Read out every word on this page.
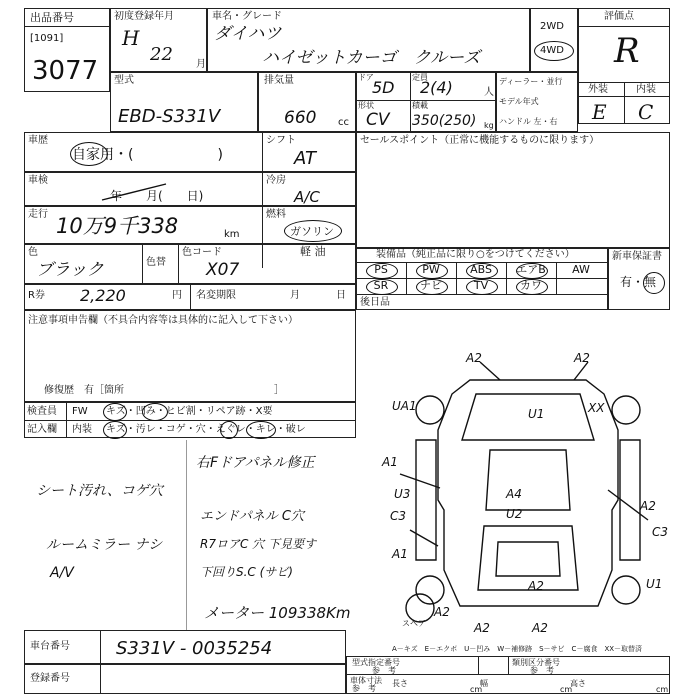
出品番号
[1091]
3077
初度登録年月
H
22 月
車名・グレード
ダイハツ
ハイゼットカーゴ　クルーズ
2WD
4WD
評価点
R
外装	内装
E C
型式
EBD-S331V
排気量
660 cc
ドア	定員
5D 2(4)	人
形状	積載
CV 350(250) kg
ディーラー・並行
モデル年式
ハンドル 左・右
車歴
自家用・(　　　　　　)
シフト
AT
セールスポイント（正常に機能するものに限ります）
車検
年　　月(　　日)
冷房
A/C
走行 10万9千338	km
燃料
ガソリン
軽 油
色
ブラック	色替
色コード
X07
R券 2,220	円 名変期限	月	日
装備品（純正品に限り○をつけてください）
PS	PW	ABS	エアB	AW
SR	ナビ	TV	カワ
後日品
新車保証書
有・無
注意事項申告欄（不具合内容等は具体的に記入して下さい）
修復歴　有［箇所　　　　　　　　　　　　　　　］
検査員
記入欄
FW キズ・凹み・ヒビ割・リペア跡・X要
内装 キズ・汚レ・コゲ・穴・えぐレ・キレ・破レ
右Fドアパネル修正
シート汚れ、コゲ穴
エンドパネル C穴
ルームミラー ナシ	R7ロアC 穴 下見要す
下回りS.C (サビ)
A/V
メーター 109338Km
A2	A2
UA1
U1	XX
A1
U3
C3
A4
U2
A2
C3
A1
A2	U1
A2
A2	A2
スペア
車台番号	S331V - 0035254
登録番号
A－キズ　E－エクボ　U－凹み　W－補修跡　S－サビ　C－腐食　XX－取替済
型式指定番号
参　考
類別区分番号
参　考
車体寸法
参　考
長さ
cm
幅
cm
高さ
cm
